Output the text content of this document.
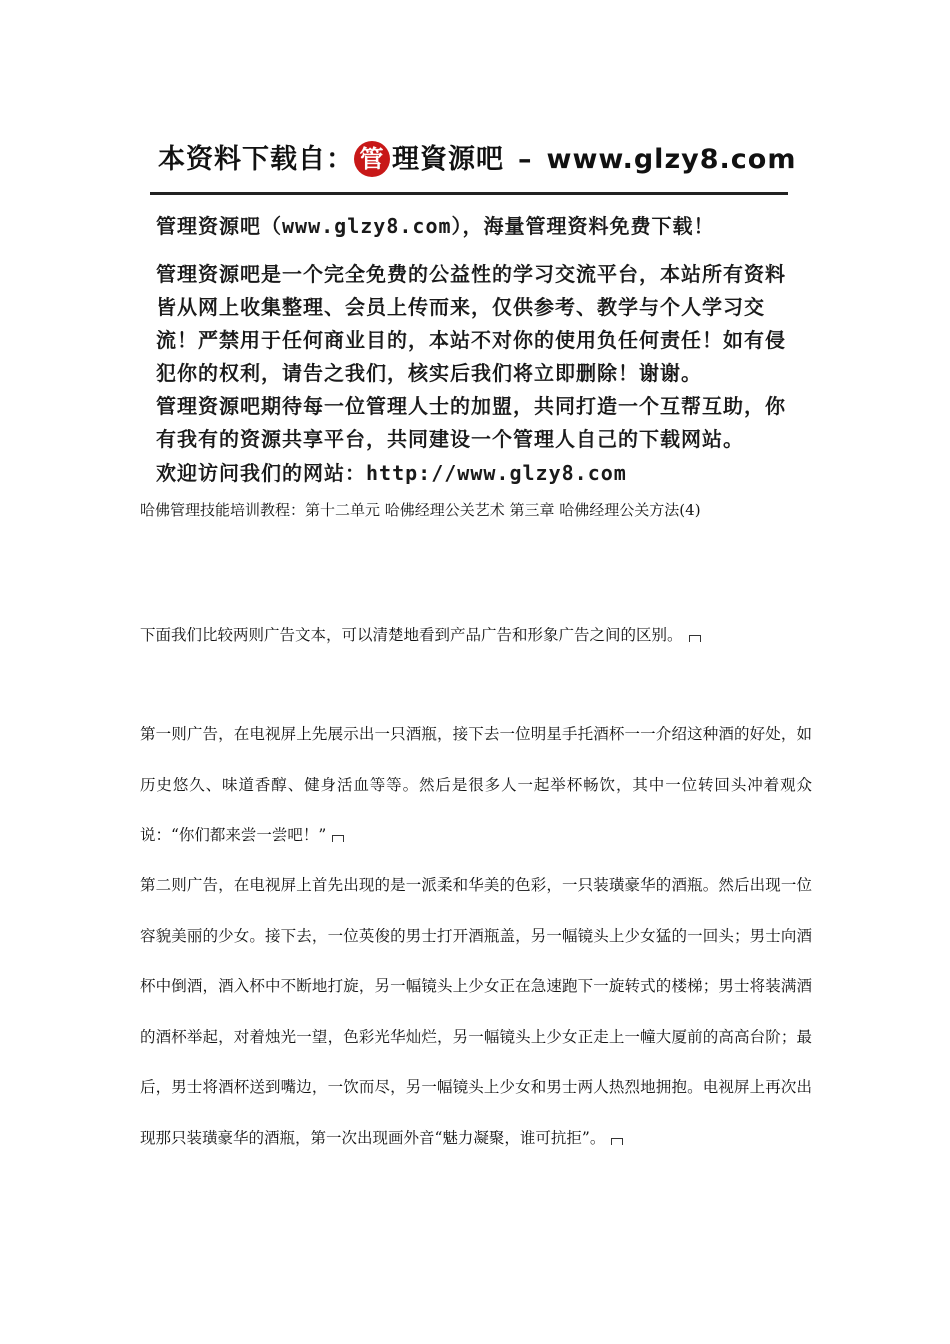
本资料下载自： 管 理資源吧 – www.glzy8.com
管理资源吧（www.glzy8.com），海量管理资料免费下载！
管理资源吧是一个完全免费的公益性的学习交流平台，本站所有资料皆从网上收集整理、会员上传而来，仅供参考、教学与个人学习交流！严禁用于任何商业目的，本站不对你的使用负任何责任！如有侵犯你的权利，请告之我们，核实后我们将立即删除！谢谢。
管理资源吧期待每一位管理人士的加盟，共同打造一个互帮互助，你有我有的资源共享平台，共同建设一个管理人自己的下载网站。
欢迎访问我们的网站：http://www.glzy8.com
哈佛管理技能培训教程：第十二单元 哈佛经理公关艺术 第三章 哈佛经理公关方法(4)
下面我们比较两则广告文本，可以清楚地看到产品广告和形象广告之间的区别。
第一则广告，在电视屏上先展示出一只酒瓶，接下去一位明星手托酒杯一一介绍这种酒的好处，如历史悠久、味道香醇、健身活血等等。然后是很多人一起举杯畅饮，其中一位转回头冲着观众说：“你们都来尝一尝吧！”
第二则广告，在电视屏上首先出现的是一派柔和华美的色彩，一只装璜豪华的酒瓶。然后出现一位容貌美丽的少女。接下去，一位英俊的男士打开酒瓶盖，另一幅镜头上少女猛的一回头；男士向酒杯中倒酒，酒入杯中不断地打旋，另一幅镜头上少女正在急速跑下一旋转式的楼梯；男士将装满酒的酒杯举起，对着烛光一望，色彩光华灿烂，另一幅镜头上少女正走上一幢大厦前的高高台阶；最后，男士将酒杯送到嘴边，一饮而尽，另一幅镜头上少女和男士两人热烈地拥抱。电视屏上再次出现那只装璜豪华的酒瓶，第一次出现画外音“魅力凝聚，谁可抗拒”。
